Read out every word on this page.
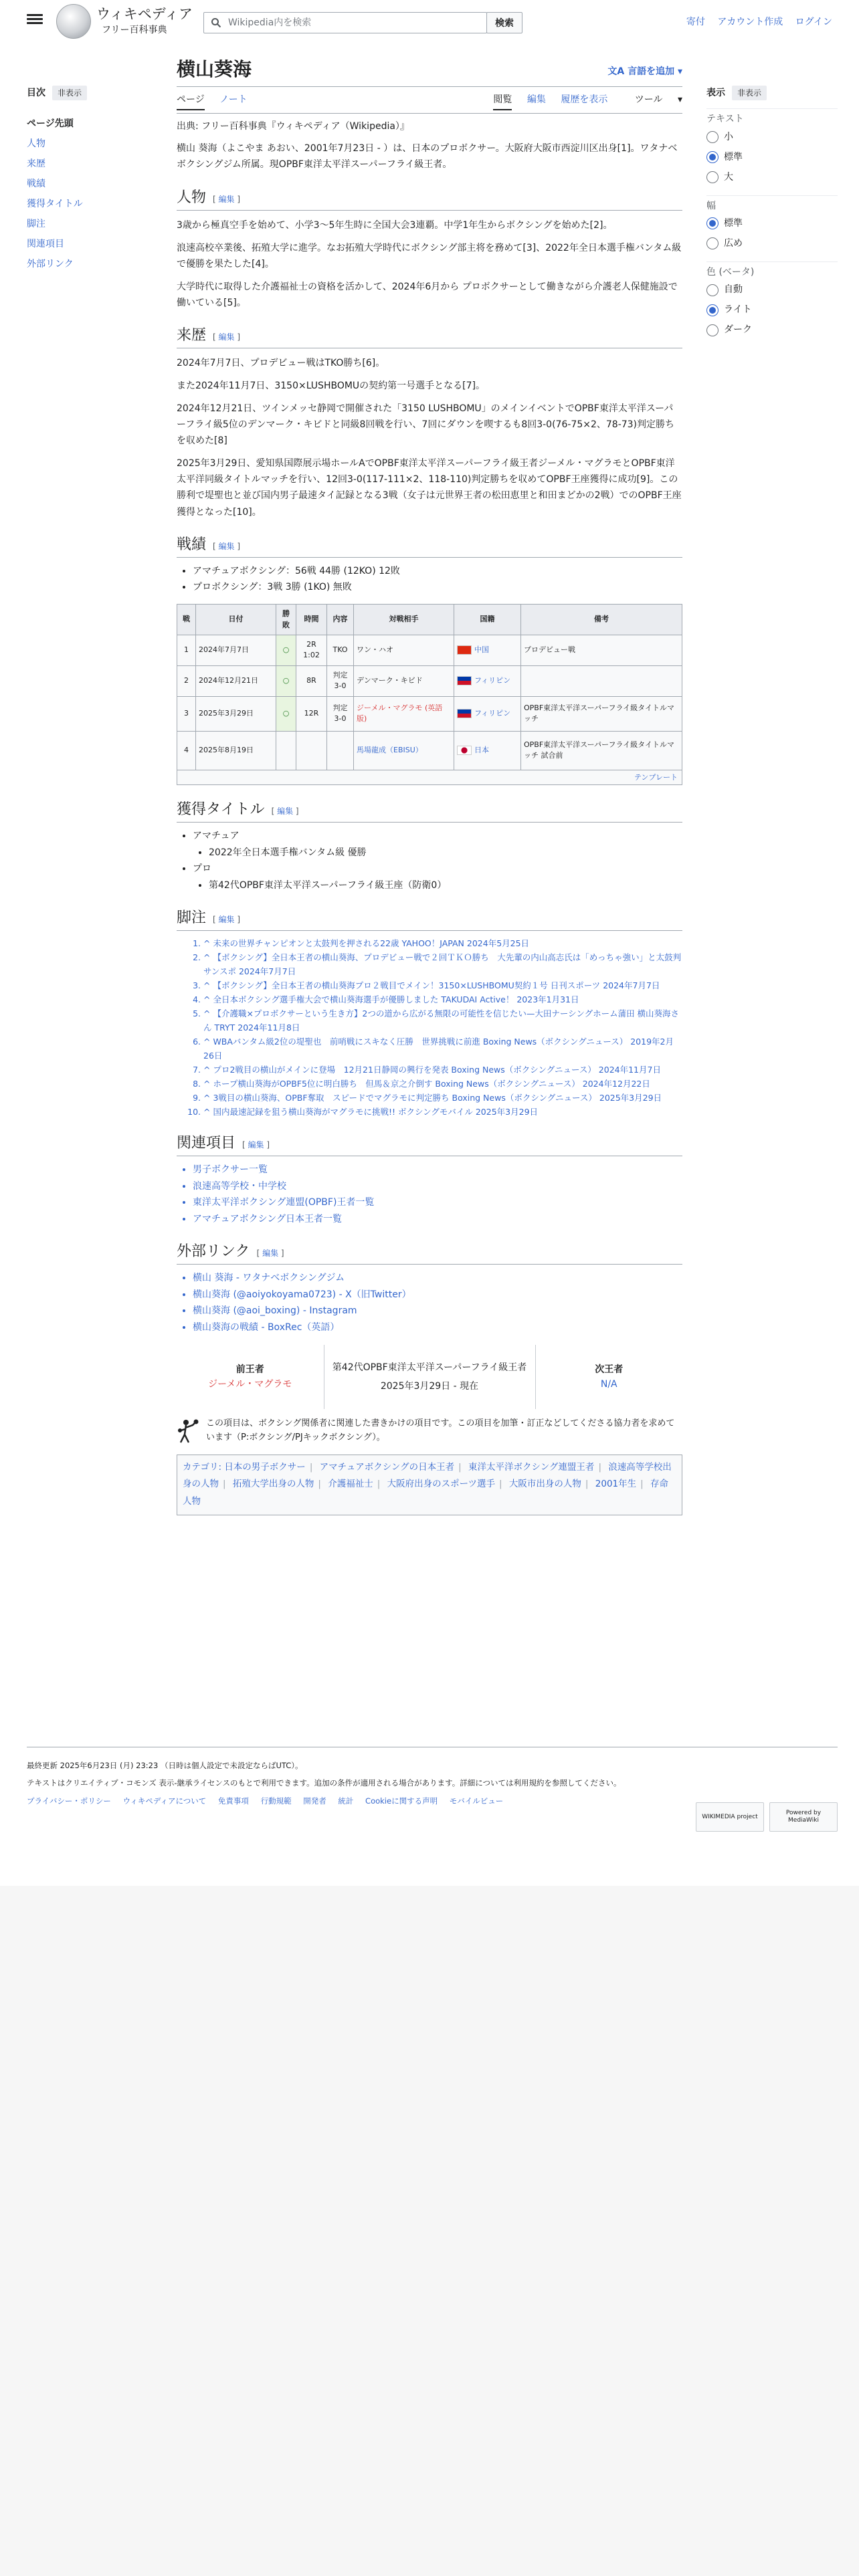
ウィキペディア
フリー百科事典
Wikipedia内を検索
検索	寄付 アカウント作成 ログイン
目次 非表示
ページ先頭
人物
来歴
戦績
獲得タイトル
脚注
関連項目
外部リンク
表示 非表示
テキスト
小
標準
大
幅
標準
広め
色 (ベータ)
自動
ライト
ダーク
横山葵海	文A 言語を追加 ▾
ページ ノート	閲覧 編集 履歴を表示	ツール ▾
出典: フリー百科事典『ウィキペディア（Wikipedia）』

横山 葵海（よこやま あおい、2001年7月23日 - ）は、日本のプロボクサー。大阪府大阪市西淀川区出身[1]。ワタナベボクシングジム所属。現OPBF東洋太平洋スーパーフライ級王者。

人物 [ 編集 ]

3歳から極真空手を始めて、小学3〜5年生時に全国大会3連覇。中学1年生からボクシングを始めた[2]。

浪速高校卒業後、拓殖大学に進学。なお拓殖大学時代にボクシング部主将を務めて[3]、2022年全日本選手権バンタム級で優勝を果たした[4]。

大学時代に取得した介護福祉士の資格を活かして、2024年6月から プロボクサーとして働きながら介護老人保健施設で働いている[5]。

来歴 [ 編集 ]

2024年7月7日、プロデビュー戦はTKO勝ち[6]。

また2024年11月7日、3150×LUSHBOMUの契約第一号選手となる[7]。

2024年12月21日、ツインメッセ静岡で開催された「3150 LUSHBOMU」のメインイベントでOPBF東洋太平洋スーパーフライ級5位のデンマーク・キビドと同級8回戦を行い、7回にダウンを喫するも8回3-0(76-75×2、78-73)判定勝ちを収めた[8]

2025年3月29日、愛知県国際展示場ホールAでOPBF東洋太平洋スーパーフライ級王者ジーメル・マグラモとOPBF東洋太平洋同級タイトルマッチを行い、12回3-0(117-111×2、118-110)判定勝ちを収めてOPBF王座獲得に成功[9]。この勝利で堤聖也と並び国内男子最速タイ記録となる3戦（女子は元世界王者の松田恵里と和田まどかの2戦）でのOPBF王座獲得となった[10]。

戦績 [ 編集 ]
• アマチュアボクシング：56戦 44勝 (12KO) 12敗
• プロボクシング：3戦 3勝 (1KO) 無敗
戦	日付	勝敗	時間	内容	対戦相手	国籍	備考
1	2024年7月7日	○	2R 1:02	TKO	ワン・ハオ	中国	プロデビュー戦
2	2024年12月21日	○	8R	判定 3-0	デンマーク・キビド	フィリピン	
3	2025年3月29日	○	12R	判定 3-0	ジーメル・マグラモ (英語版)	フィリピン	OPBF東洋太平洋スーパーフライ級タイトルマッチ
4	2025年8月19日				馬場龍成（EBISU）	日本	OPBF東洋太平洋スーパーフライ級タイトルマッチ 試合前
テンプレート
獲得タイトル [ 編集 ]
• アマチュア
• 2022年全日本選手権バンタム級 優勝
• プロ
• 第42代OPBF東洋太平洋スーパーフライ級王座（防衛0）
脚注 [ 編集 ]
1. ^ 未来の世界チャンピオンと太鼓判を押される22歳 YAHOO！JAPAN 2024年5月25日
2. ^ 【ボクシング】全日本王者の横山葵海、プロデビュー戦で２回ＴＫＯ勝ち　大先輩の内山高志氏は「めっちゃ強い」と太鼓判 サンスポ 2024年7月7日
3. ^ 【ボクシング】全日本王者の横山葵海プロ２戦目でメイン！3150×LUSHBOMU契約１号 日刊スポーツ 2024年7月7日
4. ^ 全日本ボクシング選手権大会で横山葵海選手が優勝しました TAKUDAI Active！ 2023年1月31日
5. ^ 【介護職×プロボクサーという生き方】2つの道から広がる無限の可能性を信じたい—大田ナーシングホーム蒲田 横山葵海さん TRYT 2024年11月8日
6. ^ WBAバンタム級2位の堤聖也　前哨戦にスキなく圧勝　世界挑戦に前進 Boxing News（ボクシングニュース） 2019年2月26日
7. ^ プロ2戦目の横山がメインに登場　12月21日静岡の興行を発表 Boxing News（ボクシングニュース） 2024年11月7日
8. ^ ホープ横山葵海がOPBF5位に明白勝ち　但馬＆京之介倒す Boxing News（ボクシングニュース） 2024年12月22日
9. ^ 3戦目の横山葵海、OPBF奪取　スピードでマグラモに判定勝ち Boxing News（ボクシングニュース） 2025年3月29日
10. ^ 国内最速記録を狙う横山葵海がマグラモに挑戦!! ボクシングモバイル 2025年3月29日
関連項目 [ 編集 ]
• 男子ボクサー一覧
• 浪速高等学校・中学校
• 東洋太平洋ボクシング連盟(OPBF)王者一覧
• アマチュアボクシング日本王者一覧
外部リンク [ 編集 ]
• 横山 葵海 - ワタナベボクシングジム
• 横山葵海 (@aoiyokoyama0723) - X（旧Twitter）
• 横山葵海 (@aoi_boxing) - Instagram
• 横山葵海の戦績 - BoxRec（英語）
前王者
ジーメル・マグラモ

第42代OPBF東洋太平洋スーパーフライ級王者
2025年3月29日 - 現在

次王者
N/A
この項目は、ボクシング関係者に関連した書きかけの項目です。この項目を加筆・訂正などしてくださる協力者を求めています（P:ボクシング/PJキックボクシング）。
カテゴリ: 日本の男子ボクサー | アマチュアボクシングの日本王者 | 東洋太平洋ボクシング連盟王者 | 浪速高等学校出身の人物 | 拓殖大学出身の人物 | 介護福祉士 | 大阪府出身のスポーツ選手 | 大阪市出身の人物 | 2001年生 | 存命人物

最終更新 2025年6月23日 (月) 23:23 （日時は個人設定で未設定ならばUTC）。

テキストはクリエイティブ・コモンズ 表示-継承ライセンスのもとで利用できます。追加の条件が適用される場合があります。詳細については利用規約を参照してください。

プライバシー・ポリシー ウィキペディアについて 免責事項 行動規範 開発者 統計 Cookieに関する声明 モバイルビュー

WIKIMEDIA project
Powered by MediaWiki
